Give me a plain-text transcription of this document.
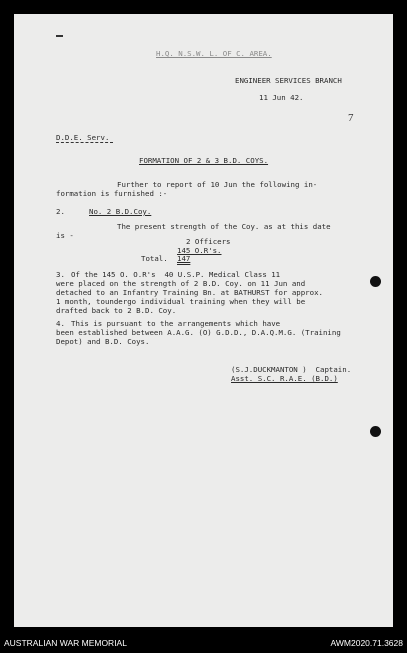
H.Q. N.S.W. L. OF C. AREA.
ENGINEER SERVICES BRANCH
11 Jun 42.
7
D.D.E. Serv.
FORMATION OF 2 & 3 B.D. COYS.
Further to report of 10 Jun the following in-
formation is furnished :-
2.	No. 2 B.D.Coy.
The present strength of the Coy. as at this date
is -
2 Officers
145 O.R's.
Total. 147
3. Of the 145 O. O.R's  40 U.S.P. Medical Class 11
were placed on the strength of 2 B.D. Coy. on 11 Jun and
detached to an Infantry Training Bn. at BATHURST for approx.
1 month, toundergo individual training when they will be
drafted back to 2 B.D. Coy.
4. This is pursuant to the arrangements which have
been established between A.A.G. (O) G.D.D., D.A.Q.M.G. (Training
Depot) and B.D. Coys.
(S.J.DUCKMANTON )  Captain.
Asst. S.C. R.A.E. (B.D.)
AUSTRALIAN WAR MEMORIAL	AWM2020.71.3628
